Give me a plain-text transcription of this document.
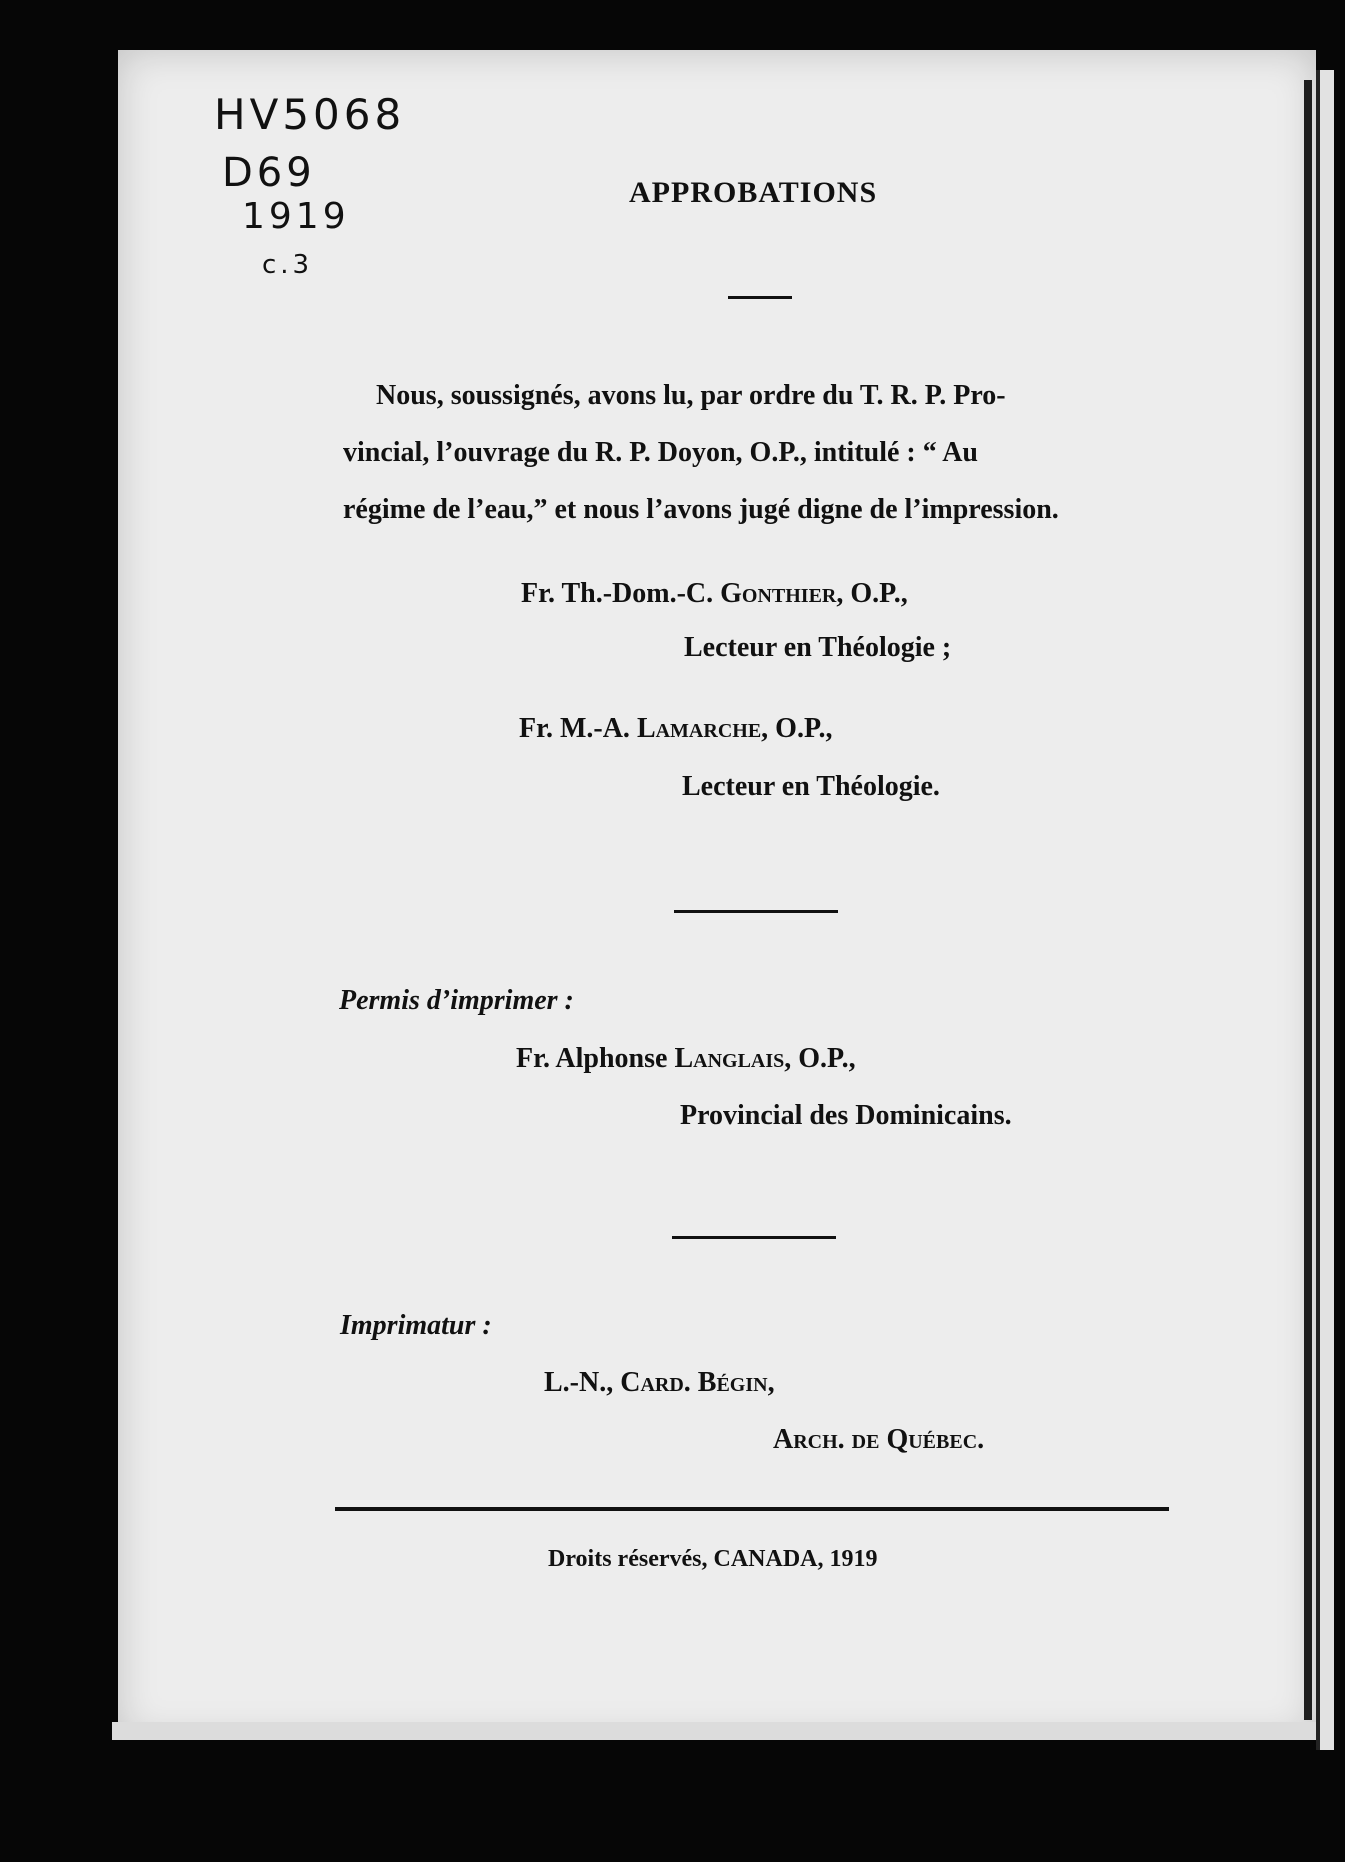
HV5068
D69
1919
c.3
APPROBATIONS
Nous, soussignés, avons lu, par ordre du T. R. P. Pro-
vincial, l’ouvrage du R. P. Doyon, O.P., intitulé : “ Au
régime de l’eau,” et nous l’avons jugé digne de l’impression.
Fr. Th.-Dom.-C. Gonthier, O.P.,
Lecteur en Théologie ;
Fr. M.-A. Lamarche, O.P.,
Lecteur en Théologie.
Permis d’imprimer :
Fr. Alphonse Langlais, O.P.,
Provincial des Dominicains.
Imprimatur :
L.-N., Card. Bégin,
Arch. de Québec.
Droits réservés, CANADA, 1919
